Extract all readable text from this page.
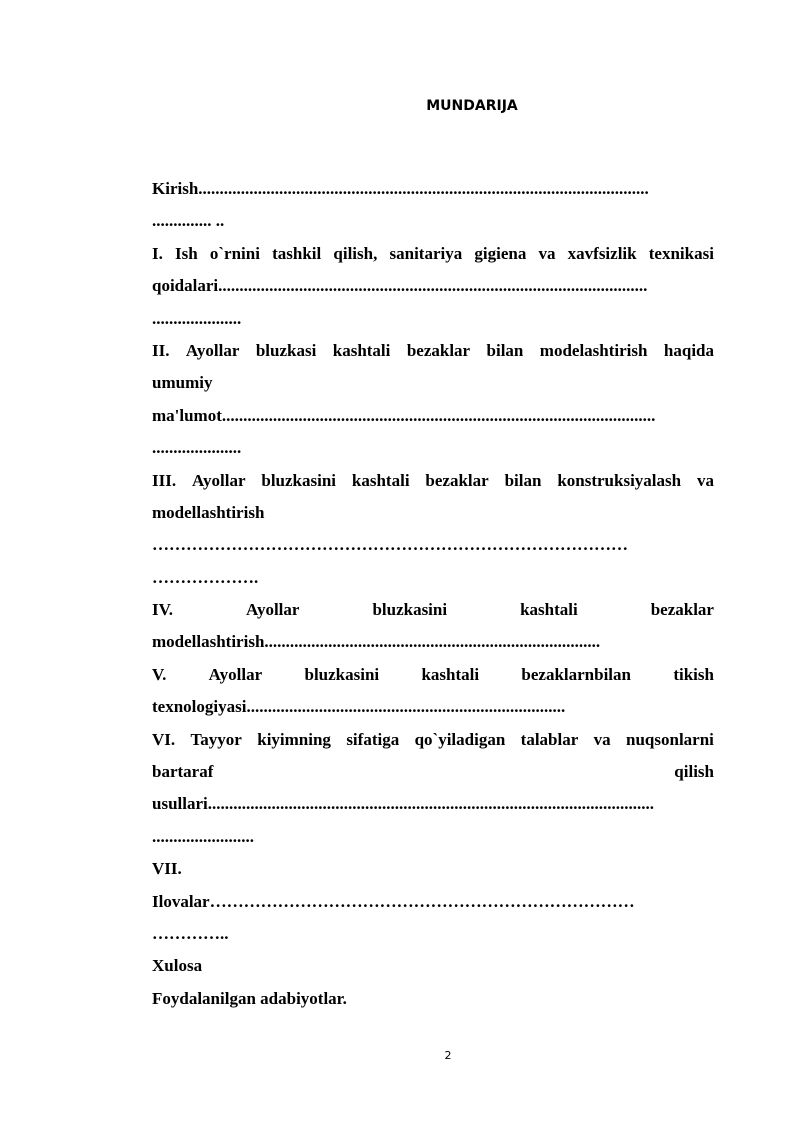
MUNDARIJA
Kirish..........................................................................................................
.............. ..
I. Ish o`rnini tashkil qilish, sanitariya gigiena va xavfsizlik texnikasi
qoidalari.....................................................................................................
.....................
II. Ayollar bluzkasi kashtali bezaklar bilan modelashtirish haqida
umumiy
ma'lumot......................................................................................................
.....................
III. Ayollar bluzkasini kashtali bezaklar bilan konstruksiyalash va
modellashtirish
…………………………………………………………………………
……………….
IV.	Ayollar	bluzkasini	kashtali	bezaklar
modellashtirish...............................................................................
V. Ayollar bluzkasini kashtali bezaklarnbilan tikish
texnologiyasi...........................................................................
VI. Tayyor kiyimning sifatiga qo`yiladigan talablar va nuqsonlarni
bartaraf	qilish
usullari.........................................................................................................
........................
VII.
Ilovalar…………………………………………………………………
…………..
Xulosa
Foydalanilgan adabiyotlar.
2
